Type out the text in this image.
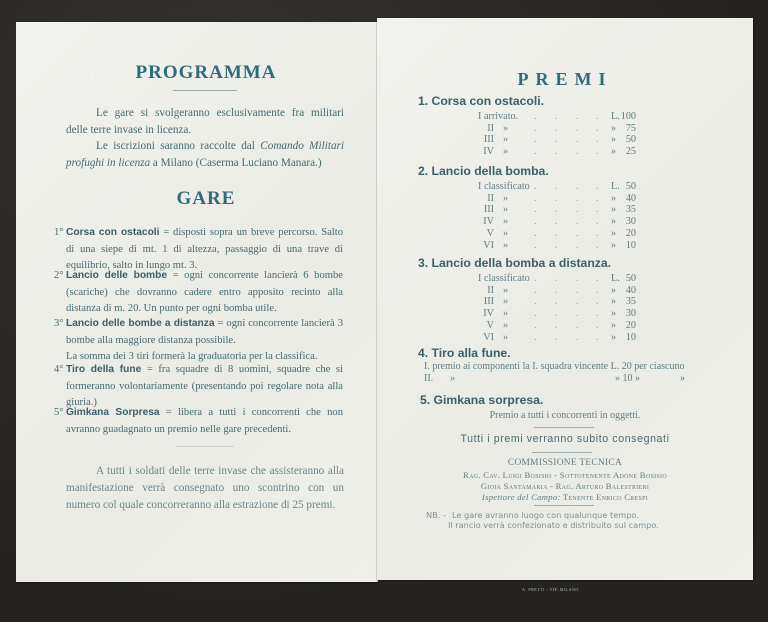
· · · · · ·	PROGRAMMA
Le gare si svolgeranno esclusivamente fra militari delle terre invase in licenza.
Le iscrizioni saranno raccolte dal Comando Militari profughi in licenza a Milano (Caserma Luciano Manara.)
GARE
1° Corsa con ostacoli = disposti sopra un breve percorso. Salto di una siepe di mt. 1 di altezza, passaggio di una trave di equilibrio, salto in lungo mt. 3.
2° Lancio delle bombe = ogni concorrente lancierà 6 bombe (scariche) che dovranno cadere entro apposito recinto alla distanza di m. 20. Un punto per ogni bomba utile.
3° Lancio delle bombe a distanza = ogni concorrente lancierà 3 bombe alla maggiore distanza possibile.
La somma dei 3 tiri formerà la graduatoria per la classifica.
4° Tiro della fune = fra squadre di 8 uomini, squadre che si formeranno volontariamente (presentando poi regolare nota alla giuria.)
5° Gimkana Sorpresa = libera a tutti i concorrenti che non avranno guadagnato un premio nelle gare precedenti.
A tutti i soldati delle terre invase che assisteranno alla manifestazione verrà consegnato uno scontrino con un numero col quale concorreranno alla estrazione di 25 premi.
PREMI
1. Corsa con ostacoli.
I arrivato.	L. 100
. . . .
II »	» 75
. . . .
III »	» 50
. . . .
IV »	» 25
. . . .
2. Lancio della bomba.
I classificato	L. 50
. . . .
II »	» 40
. . . .
III »	» 35
. . . .
IV »	» 30
. . . .
V »	» 20
. . . .
VI »	» 10
. . . .
3. Lancio della bomba a distanza.
I classificato	L. 50
. . . .
II »	» 40
. . . .
III »	» 35
. . . .
IV »	» 30
. . . .
V »	» 20
. . . .
VI »	» 10
. . . .
4. Tiro alla fune.
I. premio ai componenti la I. squadra vincente L. 20 per ciascuno
II. »	» 10 »	»
5. Gimkana sorpresa.
Premio a tutti i concorrenti in oggetti.
Tutti i premi verranno subito consegnati
COMMISSIONE TECNICA
Rag. Cav. Luigi Bosisio - Sottotenente Adone Bosisio
Gioia Santamaria - Rag. Arturo Balestrieri
Ispettore del Campo: Tenente Enrico Crespi
NB. - Le gare avranno luogo con qualunque tempo.
Il rancio verrà confezionato e distribuito sul campo.
A. PRETTI - TIP. MILANO
